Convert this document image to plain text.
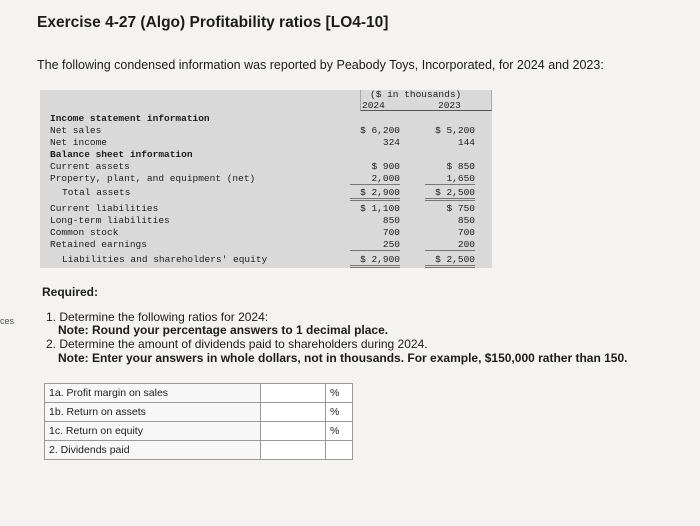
ces
Exercise 4-27 (Algo) Profitability ratios [LO4-10]
The following condensed information was reported by Peabody Toys, Incorporated, for 2024 and 2023:
($ in thousands)
2024	2023
Income statement information
Net sales	$ 6,200	$ 5,200
Net income	324	144
Balance sheet information
Current assets	$ 900	$ 850
Property, plant, and equipment (net)	2,000	1,650
Total assets	$ 2,900	$ 2,500
Current liabilities	$ 1,100	$ 750
Long-term liabilities	850	850
Common stock	700	700
Retained earnings	250	200
Liabilities and shareholders' equity	$ 2,900	$ 2,500
Required:
1. Determine the following ratios for 2024:
Note: Round your percentage answers to 1 decimal place.
2. Determine the amount of dividends paid to shareholders during 2024.
Note: Enter your answers in whole dollars, not in thousands. For example, $150,000 rather than 150.
1a. Profit margin on sales		%
1b. Return on assets		%
1c. Return on equity		%
2. Dividends paid		
